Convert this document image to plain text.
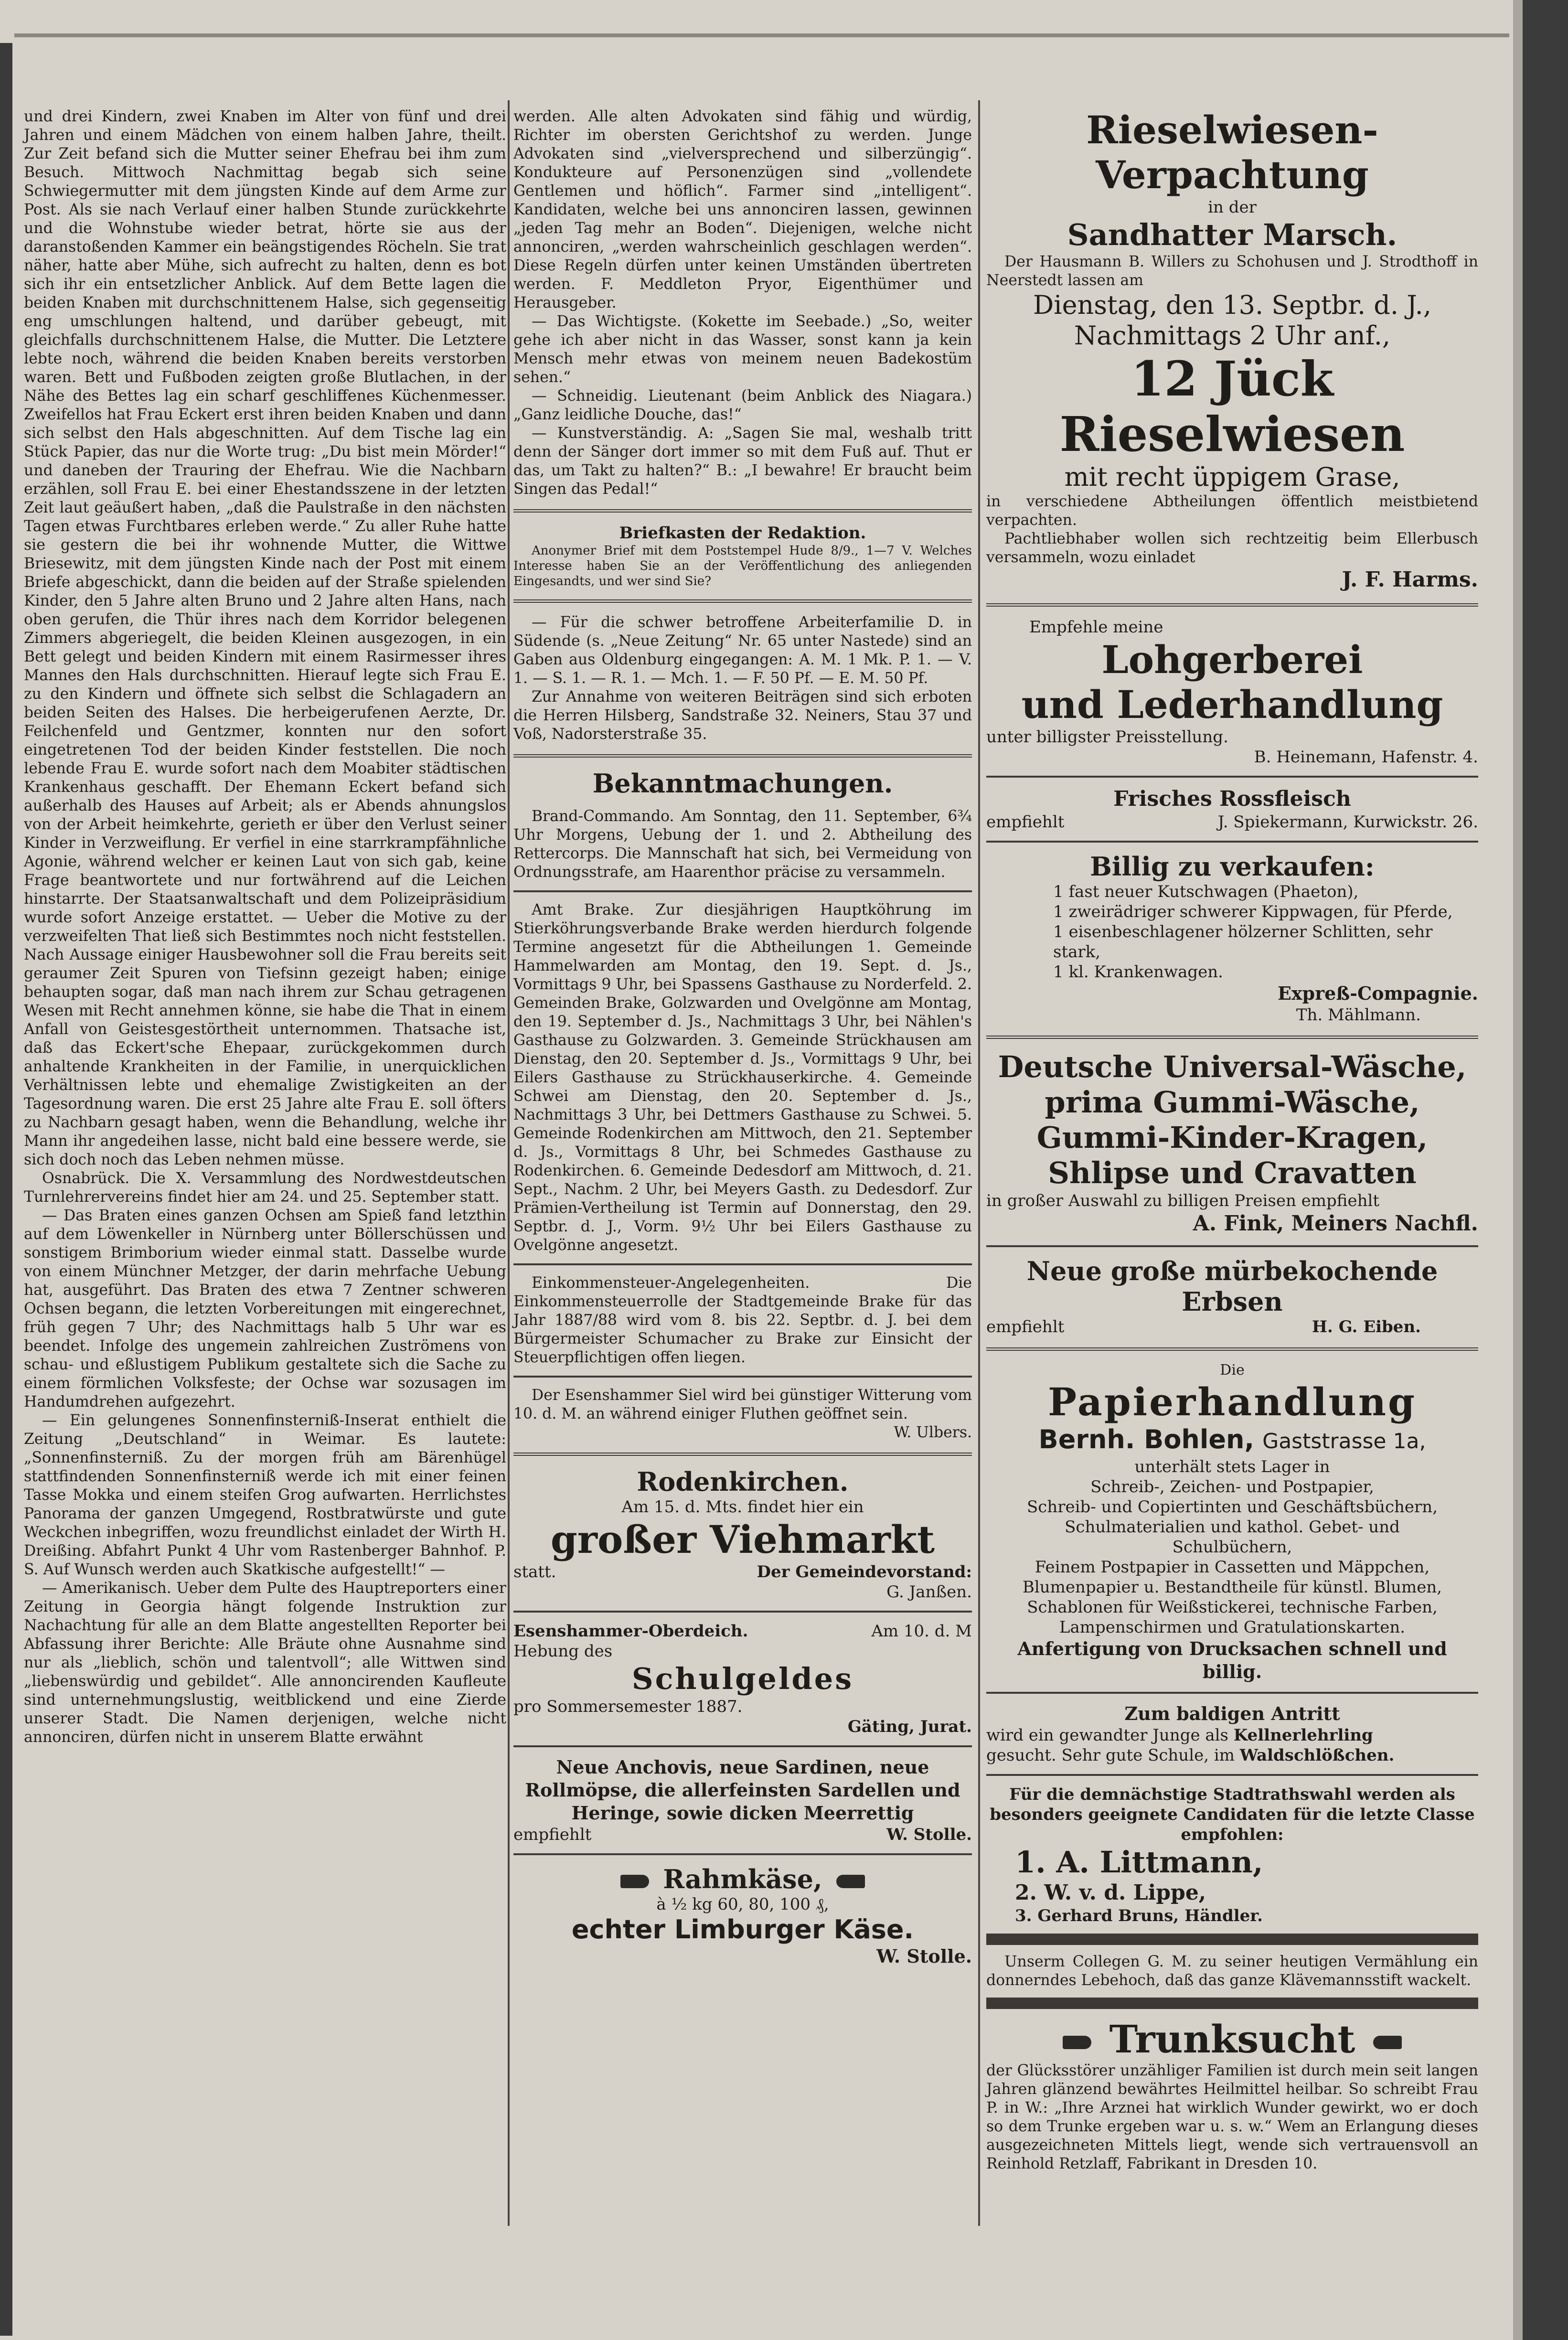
und drei Kindern, zwei Knaben im Alter von fünf und drei Jahren und einem Mädchen von einem halben Jahre, theilt. Zur Zeit befand sich die Mutter seiner Ehefrau bei ihm zum Besuch. Mittwoch Nachmittag begab sich seine Schwiegermutter mit dem jüngsten Kinde auf dem Arme zur Post. Als sie nach Verlauf einer halben Stunde zurückkehrte und die Wohnstube wieder betrat, hörte sie aus der daranstoßenden Kammer ein beängstigendes Röcheln. Sie trat näher, hatte aber Mühe, sich aufrecht zu halten, denn es bot sich ihr ein entsetzlicher Anblick. Auf dem Bette lagen die beiden Knaben mit durchschnittenem Halse, sich gegenseitig eng umschlungen haltend, und darüber gebeugt, mit gleichfalls durchschnittenem Halse, die Mutter. Die Letztere lebte noch, während die beiden Knaben bereits verstorben waren. Bett und Fußboden zeigten große Blutlachen, in der Nähe des Bettes lag ein scharf geschliffenes Küchenmesser. Zweifellos hat Frau Eckert erst ihren beiden Knaben und dann sich selbst den Hals abgeschnitten. Auf dem Tische lag ein Stück Papier, das nur die Worte trug: „Du bist mein Mörder!“ und daneben der Trauring der Ehefrau. Wie die Nachbarn erzählen, soll Frau E. bei einer Ehestandsszene in der letzten Zeit laut geäußert haben, „daß die Paulstraße in den nächsten Tagen etwas Furchtbares erleben werde.“ Zu aller Ruhe hatte sie gestern die bei ihr wohnende Mutter, die Wittwe Briesewitz, mit dem jüngsten Kinde nach der Post mit einem Briefe abgeschickt, dann die beiden auf der Straße spielenden Kinder, den 5 Jahre alten Bruno und 2 Jahre alten Hans, nach oben gerufen, die Thür ihres nach dem Korridor belegenen Zimmers abgeriegelt, die beiden Kleinen ausgezogen, in ein Bett gelegt und beiden Kindern mit einem Rasirmesser ihres Mannes den Hals durchschnitten. Hierauf legte sich Frau E. zu den Kindern und öffnete sich selbst die Schlagadern an beiden Seiten des Halses. Die herbeigerufenen Aerzte, Dr. Feilchenfeld und Gentzmer, konnten nur den sofort eingetretenen Tod der beiden Kinder feststellen. Die noch lebende Frau E. wurde sofort nach dem Moabiter städtischen Krankenhaus geschafft. Der Ehemann Eckert befand sich außerhalb des Hauses auf Arbeit; als er Abends ahnungslos von der Arbeit heimkehrte, gerieth er über den Verlust seiner Kinder in Verzweiflung. Er verfiel in eine starrkrampfähnliche Agonie, während welcher er keinen Laut von sich gab, keine Frage beantwortete und nur fortwährend auf die Leichen hinstarrte. Der Staatsanwaltschaft und dem Polizeipräsidium wurde sofort Anzeige erstattet. — Ueber die Motive zu der verzweifelten That ließ sich Bestimmtes noch nicht feststellen. Nach Aussage einiger Hausbewohner soll die Frau bereits seit geraumer Zeit Spuren von Tiefsinn gezeigt haben; einige behaupten sogar, daß man nach ihrem zur Schau getragenen Wesen mit Recht annehmen könne, sie habe die That in einem Anfall von Geistesgestörtheit unternommen. Thatsache ist, daß das Eckert'sche Ehepaar, zurückgekommen durch anhaltende Krankheiten in der Familie, in unerquicklichen Verhältnissen lebte und ehemalige Zwistigkeiten an der Tagesordnung waren. Die erst 25 Jahre alte Frau E. soll öfters zu Nachbarn gesagt haben, wenn die Behandlung, welche ihr Mann ihr angedeihen lasse, nicht bald eine bessere werde, sie sich doch noch das Leben nehmen müsse.

Osnabrück. Die X. Versammlung des Nordwestdeutschen Turnlehrervereins findet hier am 24. und 25. September statt.

— Das Braten eines ganzen Ochsen am Spieß fand letzthin auf dem Löwenkeller in Nürnberg unter Böllerschüssen und sonstigem Brimborium wieder einmal statt. Dasselbe wurde von einem Münchner Metzger, der darin mehrfache Uebung hat, ausgeführt. Das Braten des etwa 7 Zentner schweren Ochsen begann, die letzten Vorbereitungen mit eingerechnet, früh gegen 7 Uhr; des Nachmittags halb 5 Uhr war es beendet. Infolge des ungemein zahlreichen Zuströmens von schau- und eßlustigem Publikum gestaltete sich die Sache zu einem förmlichen Volksfeste; der Ochse war sozusagen im Handumdrehen aufgezehrt.

— Ein gelungenes Sonnenfinsterniß-Inserat enthielt die Zeitung „Deutschland“ in Weimar. Es lautete: „Sonnenfinsterniß. Zu der morgen früh am Bärenhügel stattfindenden Sonnenfinsterniß werde ich mit einer feinen Tasse Mokka und einem steifen Grog aufwarten. Herrlichstes Panorama der ganzen Umgegend, Rostbratwürste und gute Weckchen inbegriffen, wozu freundlichst einladet der Wirth H. Dreißing. Abfahrt Punkt 4 Uhr vom Rastenberger Bahnhof. P. S. Auf Wunsch werden auch Skatkische aufgestellt!“ —

— Amerikanisch. Ueber dem Pulte des Hauptreporters einer Zeitung in Georgia hängt folgende Instruktion zur Nachachtung für alle an dem Blatte angestellten Reporter bei Abfassung ihrer Berichte: Alle Bräute ohne Ausnahme sind nur als „lieblich, schön und talentvoll“; alle Wittwen sind „liebenswürdig und gebildet“. Alle annoncirenden Kaufleute sind unternehmungslustig, weitblickend und eine Zierde unserer Stadt. Die Namen derjenigen, welche nicht annonciren, dürfen nicht in unserem Blatte erwähnt

werden. Alle alten Advokaten sind fähig und würdig, Richter im obersten Gerichtshof zu werden. Junge Advokaten sind „vielversprechend und silberzüngig“. Kondukteure auf Personenzügen sind „vollendete Gentlemen und höflich“. Farmer sind „intelligent“. Kandidaten, welche bei uns annonciren lassen, gewinnen „jeden Tag mehr an Boden“. Diejenigen, welche nicht annonciren, „werden wahrscheinlich geschlagen werden“. Diese Regeln dürfen unter keinen Umständen übertreten werden. F. Meddleton Pryor, Eigenthümer und Herausgeber.

— Das Wichtigste. (Kokette im Seebade.) „So, weiter gehe ich aber nicht in das Wasser, sonst kann ja kein Mensch mehr etwas von meinem neuen Badekostüm sehen.“

— Schneidig. Lieutenant (beim Anblick des Niagara.) „Ganz leidliche Douche, das!“

— Kunstverständig. A: „Sagen Sie mal, weshalb tritt denn der Sänger dort immer so mit dem Fuß auf. Thut er das, um Takt zu halten?“ B.: „I bewahre! Er braucht beim Singen das Pedal!“

Briefkasten der Redaktion.

Anonymer Brief mit dem Poststempel Hude 8/9., 1—7 V. Welches Interesse haben Sie an der Veröffentlichung des anliegenden Eingesandts, und wer sind Sie?

— Für die schwer betroffene Arbeiterfamilie D. in Südende (s. „Neue Zeitung“ Nr. 65 unter Nastede) sind an Gaben aus Oldenburg eingegangen: A. M. 1 Mk. P. 1. — V. 1. — S. 1. — R. 1. — Mch. 1. — F. 50 Pf. — E. M. 50 Pf.

Zur Annahme von weiteren Beiträgen sind sich erboten die Herren Hilsberg, Sandstraße 32. Neiners, Stau 37 und Voß, Nadorsterstraße 35.

Bekanntmachungen.

Brand-Commando. Am Sonntag, den 11. September, 6¾ Uhr Morgens, Uebung der 1. und 2. Abtheilung des Rettercorps. Die Mannschaft hat sich, bei Vermeidung von Ordnungsstrafe, am Haarenthor präcise zu versammeln.

Amt Brake. Zur diesjährigen Hauptköhrung im Stierköhrungsverbande Brake werden hierdurch folgende Termine angesetzt für die Abtheilungen 1. Gemeinde Hammelwarden am Montag, den 19. Sept. d. Js., Vormittags 9 Uhr, bei Spassens Gasthause zu Norderfeld. 2. Gemeinden Brake, Golzwarden und Ovelgönne am Montag, den 19. September d. Js., Nachmittags 3 Uhr, bei Nählen's Gasthause zu Golzwarden. 3. Gemeinde Strückhausen am Dienstag, den 20. September d. Js., Vormittags 9 Uhr, bei Eilers Gasthause zu Strückhauserkirche. 4. Gemeinde Schwei am Dienstag, den 20. September d. Js., Nachmittags 3 Uhr, bei Dettmers Gasthause zu Schwei. 5. Gemeinde Rodenkirchen am Mittwoch, den 21. September d. Js., Vormittags 8 Uhr, bei Schmedes Gasthause zu Rodenkirchen. 6. Gemeinde Dedesdorf am Mittwoch, d. 21. Sept., Nachm. 2 Uhr, bei Meyers Gasth. zu Dedesdorf. Zur Prämien-Vertheilung ist Termin auf Donnerstag, den 29. Septbr. d. J., Vorm. 9½ Uhr bei Eilers Gasthause zu Ovelgönne angesetzt.

Einkommensteuer-Angelegenheiten. Die Einkommensteuerrolle der Stadtgemeinde Brake für das Jahr 1887/88 wird vom 8. bis 22. Septbr. d. J. bei dem Bürgermeister Schumacher zu Brake zur Einsicht der Steuerpflichtigen offen liegen.

Der Esenshammer Siel wird bei günstiger Witterung vom 10. d. M. an während einiger Fluthen geöffnet sein.

W. Ulbers.

Rodenkirchen.

Am 15. d. Mts. findet hier ein

großer Viehmarkt

statt.	Der Gemeindevorstand:

G. Janßen.

Esenshammer-Oberdeich.	Am 10. d. M

Hebung des

Schulgeldes

pro Sommersemester 1887.

Gäting, Jurat.

Neue Anchovis, neue Sardinen, neue Rollmöpse, die allerfeinsten Sardellen und Heringe, sowie dicken Meerrettig

empfiehlt	W. Stolle.

Rahmkäse,

à ½ kg 60, 80, 100 ₰,

echter Limburger Käse.

W. Stolle.

Rieselwiesen-Verpachtung

in der

Sandhatter Marsch.

Der Hausmann B. Willers zu Schohusen und J. Strodthoff in Neerstedt lassen am

Dienstag, den 13. Septbr. d. J.,

Nachmittags 2 Uhr anf.,

12 Jück Rieselwiesen

mit recht üppigem Grase,

in verschiedene Abtheilungen öffentlich meistbietend verpachten.

Pachtliebhaber wollen sich rechtzeitig beim Ellerbusch versammeln, wozu einladet

J. F. Harms.

Empfehle meine

Lohgerberei

und Lederhandlung

unter billigster Preisstellung.

B. Heinemann, Hafenstr. 4.

Frisches Rossfleisch

empfiehlt	J. Spiekermann, Kurwickstr. 26.

Billig zu verkaufen:

1 fast neuer Kutschwagen (Phaeton),

1 zweirädriger schwerer Kippwagen, für Pferde,

1 eisenbeschlagener hölzerner Schlitten, sehr stark,

1 kl. Krankenwagen.

Expreß-Compagnie.

Th. Mählmann.

Deutsche Universal-Wäsche,

prima Gummi-Wäsche,

Gummi-Kinder-Kragen,

Shlipse und Cravatten

in großer Auswahl zu billigen Preisen empfiehlt

A. Fink, Meiners Nachfl.

Neue große mürbekochende Erbsen

empfiehlt	H. G. Eiben.

Die

Papierhandlung

Bernh. Bohlen, Gaststrasse 1a,

unterhält stets Lager in

Schreib-, Zeichen- und Postpapier,

Schreib- und Copiertinten und Geschäftsbüchern,

Schulmaterialien und kathol. Gebet- und

Schulbüchern,

Feinem Postpapier in Cassetten und Mäppchen,

Blumenpapier u. Bestandtheile für künstl. Blumen,

Schablonen für Weißstickerei, technische Farben,

Lampenschirmen und Gratulationskarten.

Anfertigung von Drucksachen schnell und billig.

Zum baldigen Antritt

wird ein gewandter Junge als Kellnerlehrling

gesucht. Sehr gute Schule, im Waldschlößchen.

Für die demnächstige Stadtrathswahl werden als besonders geeignete Candidaten für die letzte Classe empfohlen:

1. A. Littmann,

2. W. v. d. Lippe,

3. Gerhard Bruns, Händler.

Unserm Collegen G. M. zu seiner heutigen Vermählung ein donnerndes Lebehoch, daß das ganze Klävemannsstift wackelt.

Trunksucht

der Glücksstörer unzähliger Familien ist durch mein seit langen Jahren glänzend bewährtes Heilmittel heilbar. So schreibt Frau P. in W.: „Ihre Arznei hat wirklich Wunder gewirkt, wo er doch so dem Trunke ergeben war u. s. w.“ Wem an Erlangung dieses ausgezeichneten Mittels liegt, wende sich vertrauensvoll an Reinhold Retzlaff, Fabrikant in Dresden 10.
